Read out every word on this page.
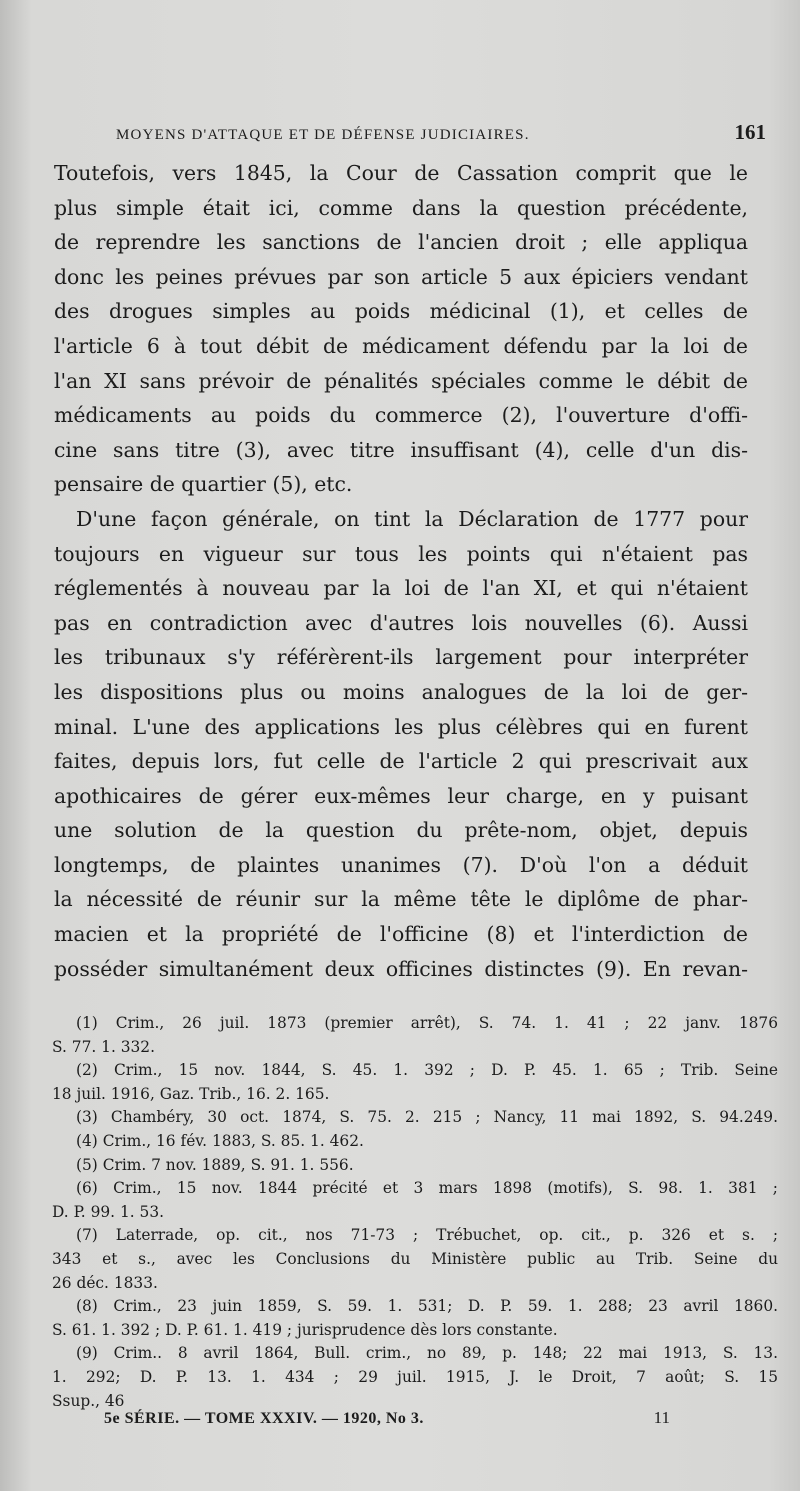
MOYENS D'ATTAQUE ET DE DÉFENSE JUDICIAIRES.	161
Toutefois, vers 1845, la Cour de Cassation comprit que le
plus simple était ici, comme dans la question précédente,
de reprendre les sanctions de l'ancien droit ; elle appliqua
donc les peines prévues par son article 5 aux épiciers vendant
des drogues simples au poids médicinal (1), et celles de
l'article 6 à tout débit de médicament défendu par la loi de
l'an XI sans prévoir de pénalités spéciales comme le débit de
médicaments au poids du commerce (2), l'ouverture d'offi-
cine sans titre (3), avec titre insuffisant (4), celle d'un dis-
pensaire de quartier (5), etc.
D'une façon générale, on tint la Déclaration de 1777 pour
toujours en vigueur sur tous les points qui n'étaient pas
réglementés à nouveau par la loi de l'an XI, et qui n'étaient
pas en contradiction avec d'autres lois nouvelles (6). Aussi
les tribunaux s'y référèrent-ils largement pour interpréter
les dispositions plus ou moins analogues de la loi de ger-
minal. L'une des applications les plus célèbres qui en furent
faites, depuis lors, fut celle de l'article 2 qui prescrivait aux
apothicaires de gérer eux-mêmes leur charge, en y puisant
une solution de la question du prête-nom, objet, depuis
longtemps, de plaintes unanimes (7). D'où l'on a déduit
la nécessité de réunir sur la même tête le diplôme de phar-
macien et la propriété de l'officine (8) et l'interdiction de
posséder simultanément deux officines distinctes (9). En revan-
(1) Crim., 26 juil. 1873 (premier arrêt), S. 74. 1. 41 ; 22 janv. 1876
S. 77. 1. 332.
(2) Crim., 15 nov. 1844, S. 45. 1. 392 ; D. P. 45. 1. 65 ; Trib. Seine
18 juil. 1916, Gaz. Trib., 16. 2. 165.
(3) Chambéry, 30 oct. 1874, S. 75. 2. 215 ; Nancy, 11 mai 1892, S. 94.249.
(4) Crim., 16 fév. 1883, S. 85. 1. 462.
(5) Crim. 7 nov. 1889, S. 91. 1. 556.
(6) Crim., 15 nov. 1844 précité et 3 mars 1898 (motifs), S. 98. 1. 381 ;
D. P. 99. 1. 53.
(7) Laterrade, op. cit., nos 71-73 ; Trébuchet, op. cit., p. 326 et s. ;
343 et s., avec les Conclusions du Ministère public au Trib. Seine du
26 déc. 1833.
(8) Crim., 23 juin 1859, S. 59. 1. 531; D. P. 59. 1. 288; 23 avril 1860.
S. 61. 1. 392 ; D. P. 61. 1. 419 ; jurisprudence dès lors constante.
(9) Crim.. 8 avril 1864, Bull. crim., no 89, p. 148; 22 mai 1913, S. 13.
1. 292; D. P. 13. 1. 434 ; 29 juil. 1915, J. le Droit, 7 août; S. 15
Ssup., 46
5e SÉRIE. — TOME XXXIV. — 1920, No 3.	11
